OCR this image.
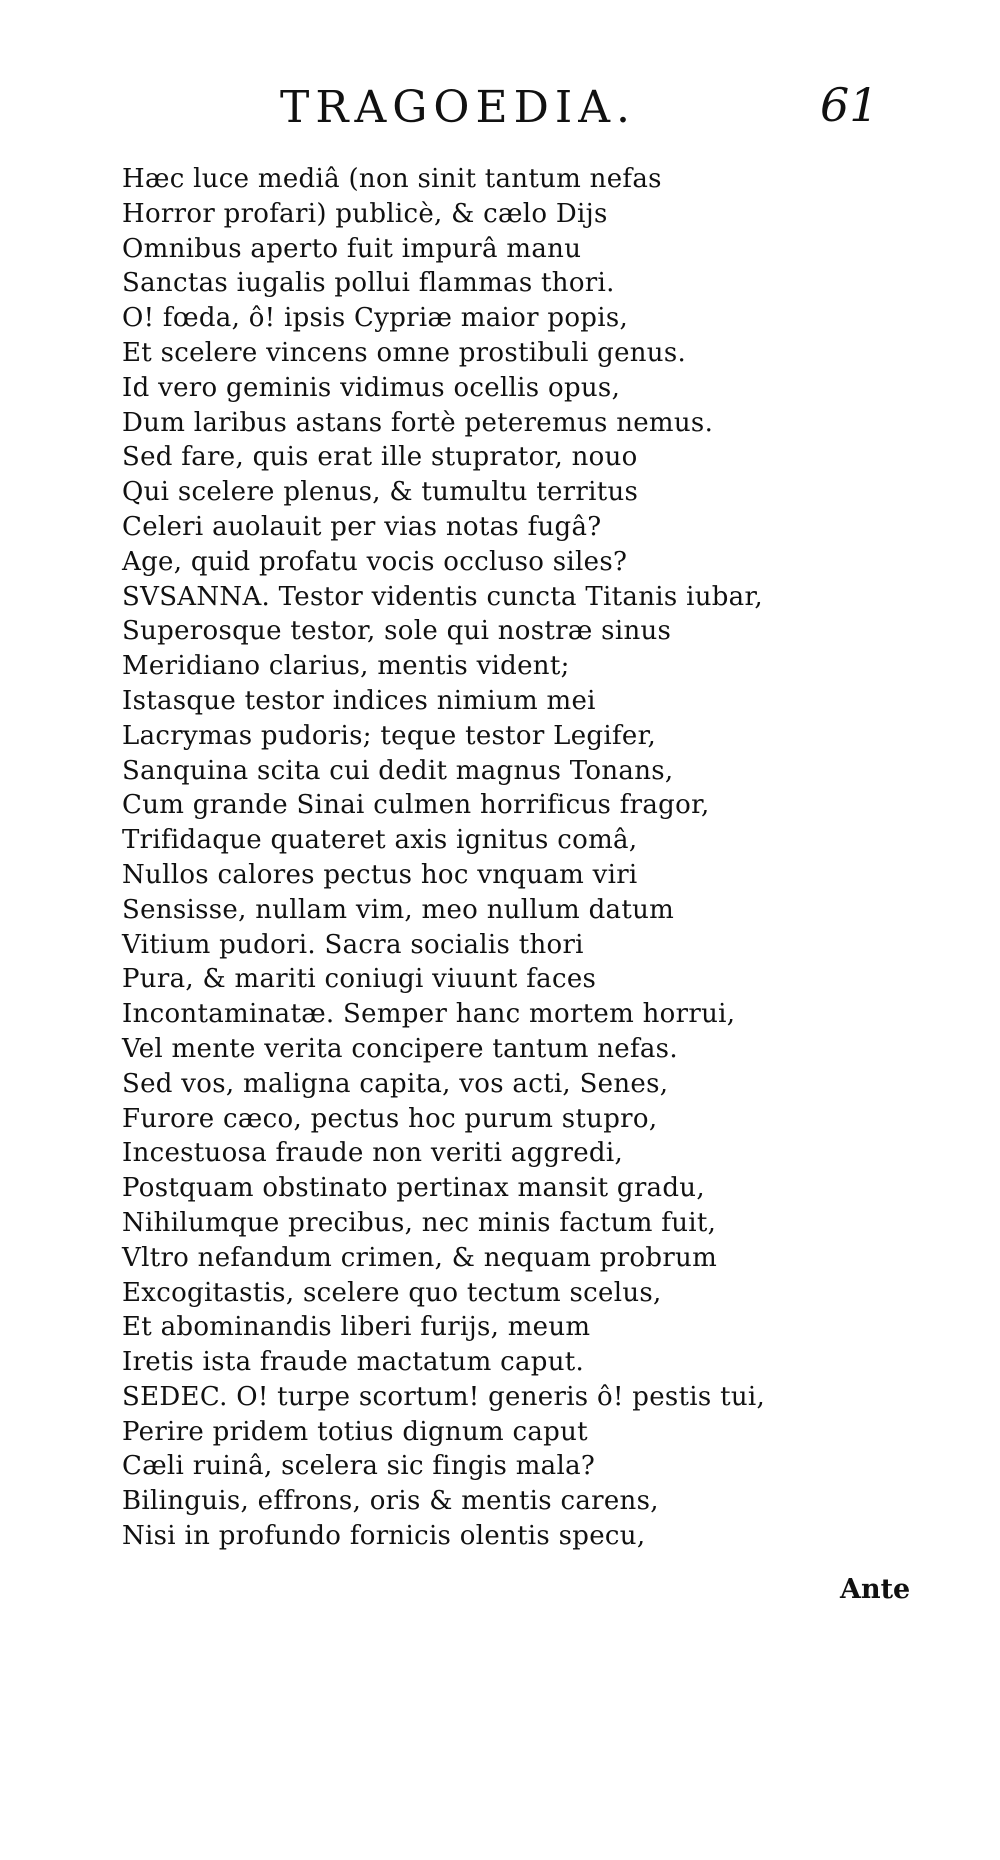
TRAGOEDIA.	61
Hæc luce mediâ (non sinit tantum nefas
Horror profari) publicè, & cælo Dijs
Omnibus aperto fuit impurâ manu
Sanctas iugalis pollui flammas thori.
O! fœda, ô! ipsis Cypriæ maior popis,
Et scelere vincens omne prostibuli genus.
Id vero geminis vidimus ocellis opus,
Dum laribus astans fortè peteremus nemus.
Sed fare, quis erat ille stuprator, nouo
Qui scelere plenus, & tumultu territus
Celeri auolauit per vias notas fugâ?
Age, quid profatu vocis occluso siles?
SVSANNA. Testor videntis cuncta Titanis iubar,
Superosque testor, sole qui nostræ sinus
Meridiano clarius, mentis vident;
Istasque testor indices nimium mei
Lacrymas pudoris; teque testor Legifer,
Sanquina scita cui dedit magnus Tonans,
Cum grande Sinai culmen horrificus fragor,
Trifidaque quateret axis ignitus comâ,
Nullos calores pectus hoc vnquam viri
Sensisse, nullam vim, meo nullum datum
Vitium pudori. Sacra socialis thori
Pura, & mariti coniugi viuunt faces
Incontaminatæ. Semper hanc mortem horrui,
Vel mente verita concipere tantum nefas.
Sed vos, maligna capita, vos acti, Senes,
Furore cæco, pectus hoc purum stupro,
Incestuosa fraude non veriti aggredi,
Postquam obstinato pertinax mansit gradu,
Nihilumque precibus, nec minis factum fuit,
Vltro nefandum crimen, & nequam probrum
Excogitastis, scelere quo tectum scelus,
Et abominandis liberi furijs, meum
Iretis ista fraude mactatum caput.
SEDEC. O! turpe scortum! generis ô! pestis tui,
Perire pridem totius dignum caput
Cæli ruinâ, scelera sic fingis mala?
Bilinguis, effrons, oris & mentis carens,
Nisi in profundo fornicis olentis specu,
Ante
